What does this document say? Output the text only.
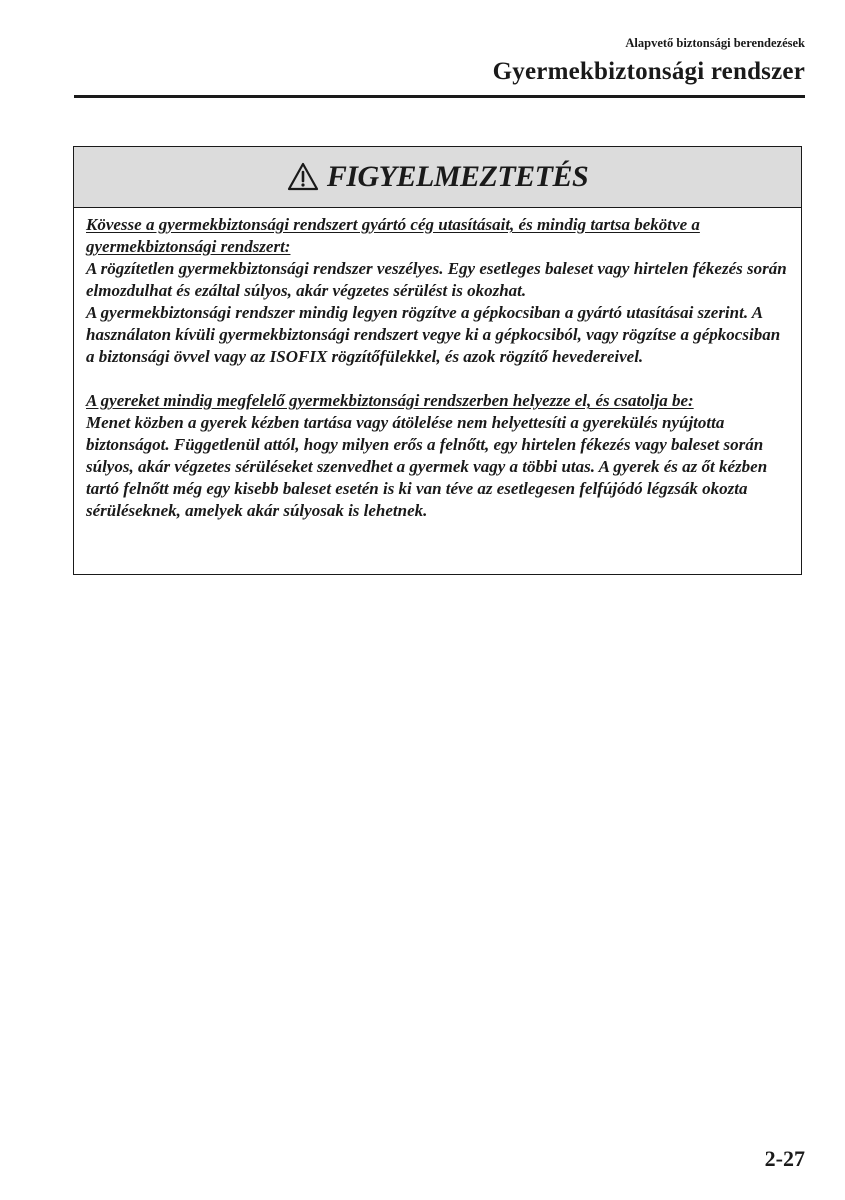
Alapvető biztonsági berendezések
Gyermekbiztonsági rendszer
FIGYELMEZTETÉS

Kövesse a gyermekbiztonsági rendszert gyártó cég utasításait, és mindig tartsa bekötve a gyermekbiztonsági rendszert:

A rögzítetlen gyermekbiztonsági rendszer veszélyes. Egy esetleges baleset vagy hirtelen fékezés során elmozdulhat és ezáltal súlyos, akár végzetes sérülést is okozhat.

A gyermekbiztonsági rendszer mindig legyen rögzítve a gépkocsiban a gyártó utasításai szerint. A használaton kívüli gyermekbiztonsági rendszert vegye ki a gépkocsiból, vagy rögzítse a gépkocsiban a biztonsági övvel vagy az ISOFIX rögzítőfülekkel, és azok rögzítő hevedereivel.

A gyereket mindig megfelelő gyermekbiztonsági rendszerben helyezze el, és csatolja be:

Menet közben a gyerek kézben tartása vagy átölelése nem helyettesíti a gyerekülés nyújtotta biztonságot. Függetlenül attól, hogy milyen erős a felnőtt, egy hirtelen fékezés vagy baleset során súlyos, akár végzetes sérüléseket szenvedhet a gyermek vagy a többi utas. A gyerek és az őt kézben tartó felnőtt még egy kisebb baleset esetén is ki van téve az esetlegesen felfújódó légzsák okozta sérüléseknek, amelyek akár súlyosak is lehetnek.

2-27
